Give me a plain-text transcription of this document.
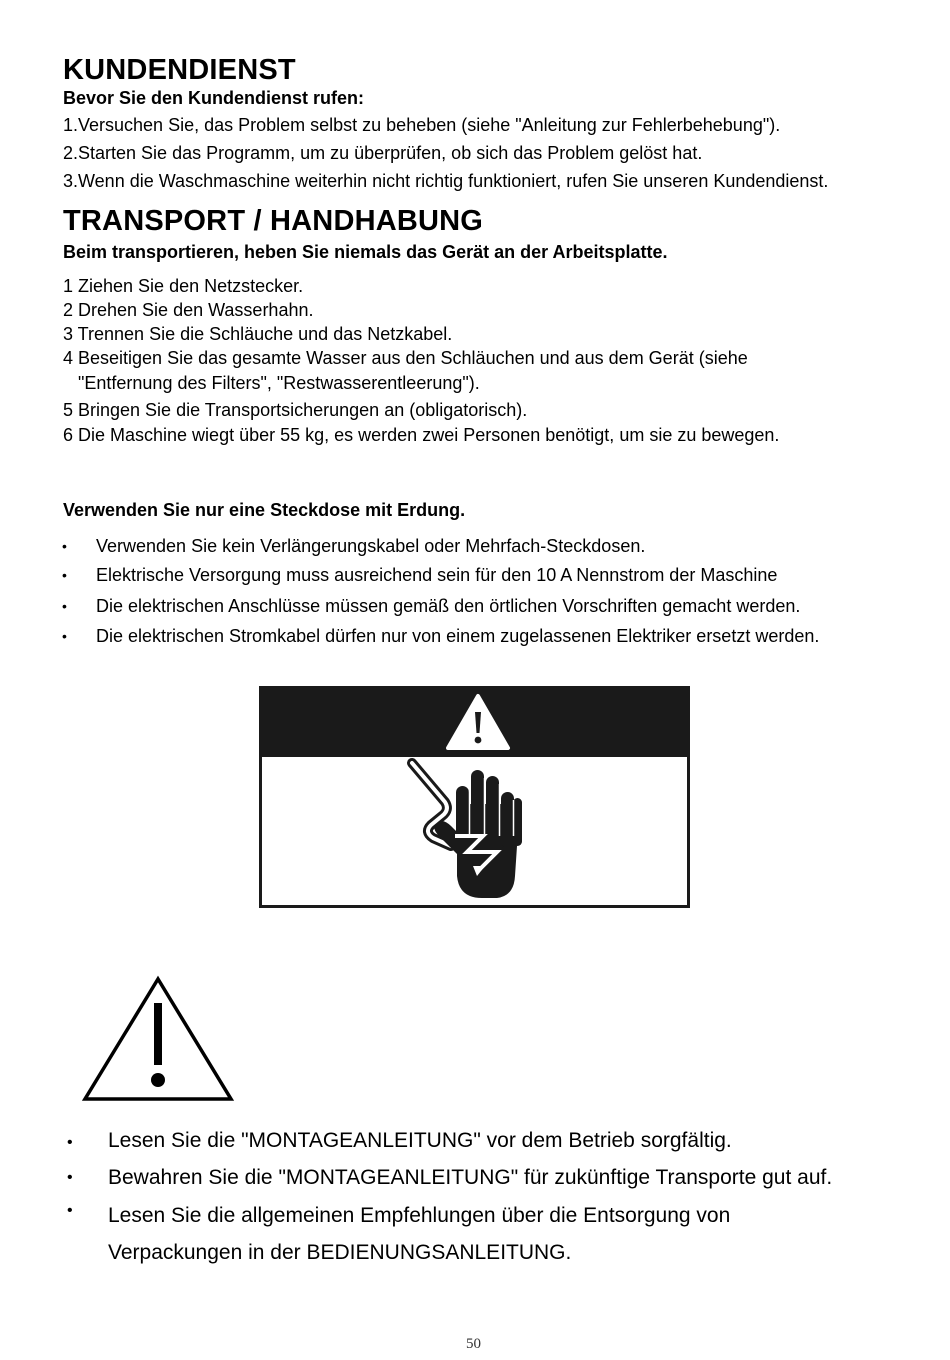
KUNDENDIENST
Bevor Sie den Kundendienst rufen:
1.Versuchen Sie, das Problem selbst zu beheben (siehe "Anleitung zur Fehlerbehebung").
2.Starten Sie das Programm, um zu überprüfen, ob sich das Problem gelöst hat.
3.Wenn die Waschmaschine weiterhin nicht richtig funktioniert, rufen Sie unseren Kundendienst.
TRANSPORT / HANDHABUNG
Beim transportieren, heben Sie niemals das Gerät an der Arbeitsplatte.
1 Ziehen Sie den Netzstecker.
2 Drehen Sie den Wasserhahn.
3 Trennen Sie die Schläuche und das Netzkabel.
4 Beseitigen Sie das gesamte Wasser aus den Schläuchen und aus dem Gerät (siehe
"Entfernung des Filters", "Restwasserentleerung").
5 Bringen Sie die Transportsicherungen an (obligatorisch).
6 Die Maschine wiegt über 55 kg, es werden zwei Personen benötigt, um sie zu bewegen.
Verwenden Sie nur eine Steckdose mit Erdung.
• Verwenden Sie kein Verlängerungskabel oder Mehrfach-Steckdosen.
• Elektrische Versorgung muss ausreichend sein für den 10 A Nennstrom der Maschine
• Die elektrischen Anschlüsse müssen gemäß den örtlichen Vorschriften gemacht werden.
• Die elektrischen Stromkabel dürfen nur von einem zugelassenen Elektriker ersetzt werden.
• Lesen Sie die "MONTAGEANLEITUNG" vor dem Betrieb sorgfältig.
• Bewahren Sie die "MONTAGEANLEITUNG" für zukünftige Transporte gut auf.
• Lesen Sie die allgemeinen Empfehlungen über die Entsorgung von
Verpackungen in der BEDIENUNGSANLEITUNG.
50
